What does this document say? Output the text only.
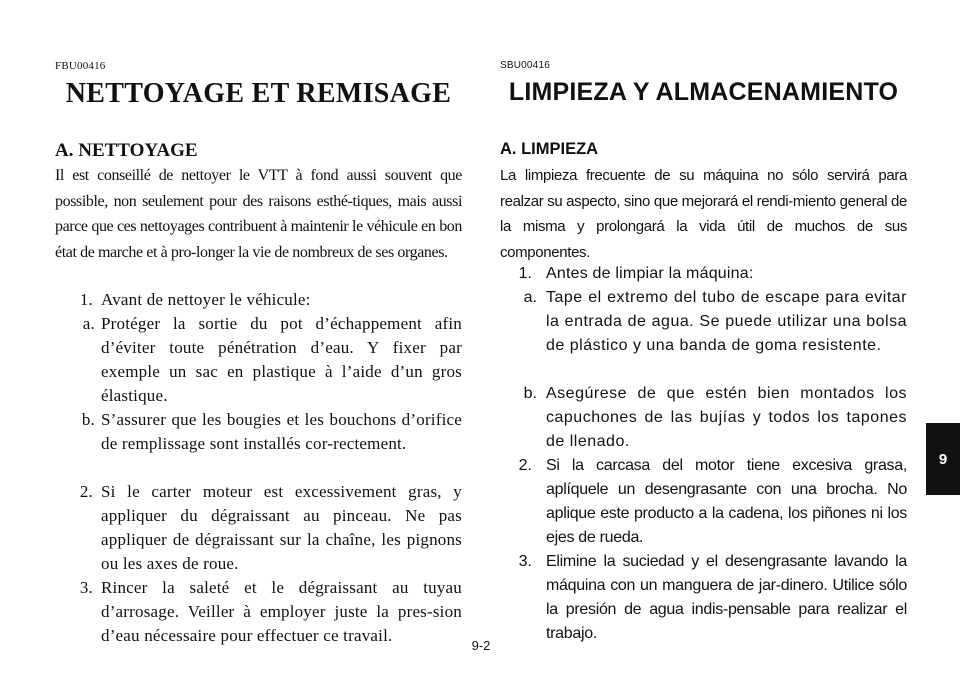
FBU00416
NETTOYAGE ET REMISAGE
A. NETTOYAGE

Il est conseillé de nettoyer le VTT à fond aussi souvent que possible, non seulement pour des raisons esthé-tiques, mais aussi parce que ces nettoyages contribuent à maintenir le véhicule en bon état de marche et à pro-longer la vie de nombreux de ses organes.

1. Avant de nettoyer le véhicule:

a. Protéger la sortie du pot d’échappement afin d’éviter toute pénétration d’eau. Y fixer par exemple un sac en plastique à l’aide d’un gros élastique.

b. S’assurer que les bougies et les bouchons d’orifice de remplissage sont installés cor-rectement.

2. Si le carter moteur est excessivement gras, y appliquer du dégraissant au pinceau. Ne pas appliquer de dégraissant sur la chaîne, les pignons ou les axes de roue.

3. Rincer la saleté et le dégraissant au tuyau d’arrosage. Veiller à employer juste la pres-sion d’eau nécessaire pour effectuer ce travail.

SBU00416
LIMPIEZA Y ALMACENAMIENTO
A. LIMPIEZA

La limpieza frecuente de su máquina no sólo servirá para realzar su aspecto, sino que mejorará el rendi-miento general de la misma y prolongará la vida útil de muchos de sus componentes.

1. Antes de limpiar la máquina:

a. Tape el extremo del tubo de escape para evitar la entrada de agua. Se puede utilizar una bolsa de plástico y una banda de goma resistente.

b. Asegúrese de que estén bien montados los capuchones de las bujías y todos los tapones de llenado.

2. Si la carcasa del motor tiene excesiva grasa, aplíquele un desengrasante con una brocha. No aplique este producto a la cadena, los piñones ni los ejes de rueda.

3. Elimine la suciedad y el desengrasante lavando la máquina con un manguera de jar-dinero. Utilice sólo la presión de agua indis-pensable para realizar el trabajo.

9-2
9
